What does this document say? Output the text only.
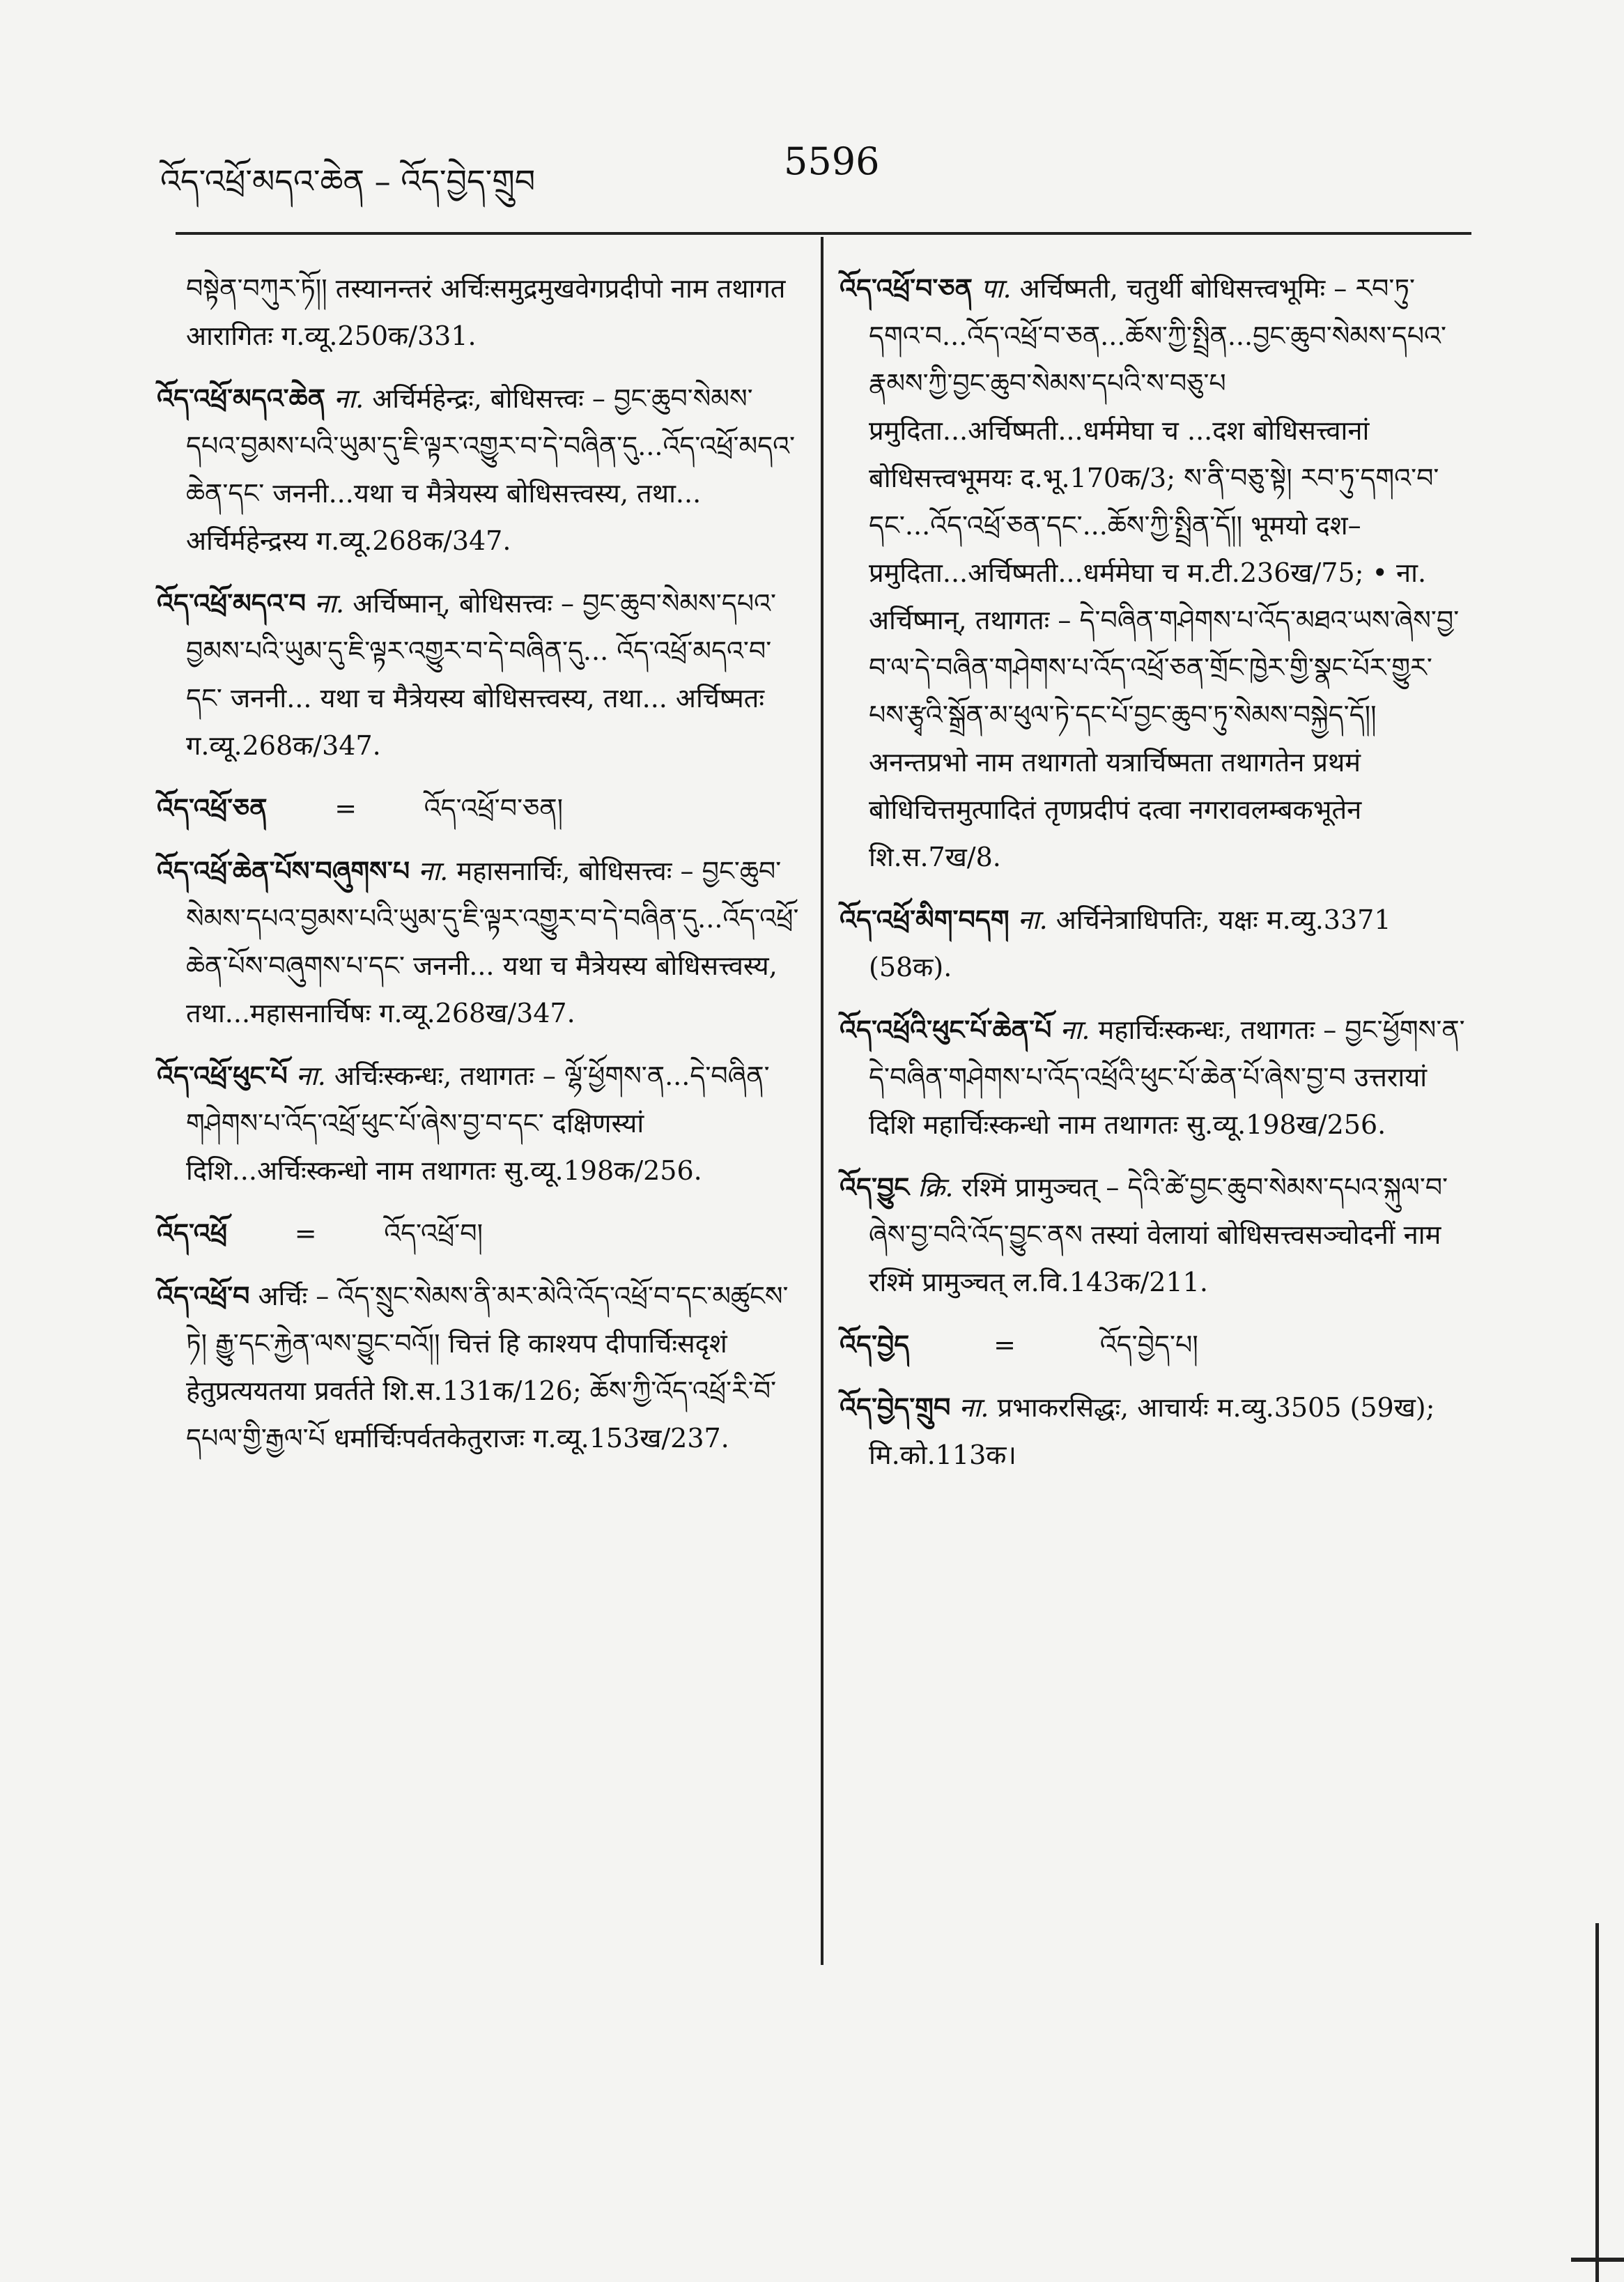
འོད་འཕྲོ་མདའ་ཆེན – འོད་བྱེད་གྲུབ	5596

བསྟེན་བཀུར་ཏོ།། तस्यानन्तरं अर्चिःसमुद्रमुखवेगप्रदीपो नाम तथागत आरागितः ग.व्यू.250क/331.

འོད་འཕྲོ་མདའ་ཆེན ना. अर्चिर्महेन्द्रः, बोधिसत्त्वः – བྱང་ཆུབ་སེམས་དཔའ་བྱམས་པའི་ཡུམ་དུ་ཇི་ལྟར་འགྱུར་བ་དེ་བཞིན་དུ...འོད་འཕྲོ་མདའ་ཆེན་དང་ जननी...यथा च मैत्रेयस्य बोधिसत्त्वस्य, तथा... अर्चिर्महेन्द्रस्य ग.व्यू.268क/347.

འོད་འཕྲོ་མདའ་བ ना. अर्चिष्मान्, बोधिसत्त्वः – བྱང་ཆུབ་སེམས་དཔའ་བྱམས་པའི་ཡུམ་དུ་ཇི་ལྟར་འགྱུར་བ་དེ་བཞིན་དུ... འོད་འཕྲོ་མདའ་བ་དང་ जननी... यथा च मैत्रेयस्य बोधिसत्त्वस्य, तथा... अर्चिष्मतः ग.व्यू.268क/347.

འོད་འཕྲོ་ཅན        =        འོད་འཕྲོ་བ་ཅན།

འོད་འཕྲོ་ཆེན་པོས་བཞུགས་པ ना. महासनार्चिः, बोधिसत्त्वः – བྱང་ཆུབ་སེམས་དཔའ་བྱམས་པའི་ཡུམ་དུ་ཇི་ལྟར་འགྱུར་བ་དེ་བཞིན་དུ...འོད་འཕྲོ་ཆེན་པོས་བཞུགས་པ་དང་ जननी... यथा च मैत्रेयस्य बोधिसत्त्वस्य, तथा...महासनार्चिषः ग.व्यू.268ख/347.

འོད་འཕྲོ་ཕུང་པོ ना. अर्चिःस्कन्धः, तथागतः – ལྷོ་ཕྱོགས་ན...དེ་བཞིན་གཤེགས་པ་འོད་འཕྲོ་ཕུང་པོ་ཞེས་བྱ་བ་དང་ दक्षिणस्यां दिशि...अर्चिःस्कन्धो नाम तथागतः सु.व्यू.198क/256.

འོད་འཕྲོ        =        འོད་འཕྲོ་བ།

འོད་འཕྲོ་བ अर्चिः – འོད་སྲུང་སེམས་ནི་མར་མེའི་འོད་འཕྲོ་བ་དང་མཚུངས་ཏེ། རྒྱུ་དང་རྐྱེན་ལས་བྱུང་བའོ།། चित्तं हि काश्यप दीपार्चिःसदृशं हेतुप्रत्ययतया प्रवर्तते शि.स.131क/126; ཆོས་ཀྱི་འོད་འཕྲོ་རི་བོ་དཔལ་གྱི་རྒྱལ་པོ धर्मार्चिःपर्वतकेतुराजः ग.व्यू.153ख/237.

འོད་འཕྲོ་བ་ཅན पा. अर्चिष्मती, चतुर्थी बोधिसत्त्वभूमिः – རབ་ཏུ་དགའ་བ...འོད་འཕྲོ་བ་ཅན...ཆོས་ཀྱི་སྤྲིན...བྱང་ཆུབ་སེམས་དཔའ་རྣམས་ཀྱི་བྱང་ཆུབ་སེམས་དཔའི་ས་བཅུ་པ प्रमुदिता...अर्चिष्मती...धर्ममेघा च ...दश बोधिसत्त्वानां बोधिसत्त्वभूमयः द.भू.170क/3; ས་ནི་བཅུ་སྟེ། རབ་ཏུ་དགའ་བ་དང་...འོད་འཕྲོ་ཅན་དང་...ཆོས་ཀྱི་སྤྲིན་དོ།། भूमयो दश–प्रमुदिता...अर्चिष्मती...धर्ममेघा च म.टी.236ख/75; • ना. अर्चिष्मान्, तथागतः – དེ་བཞིན་གཤེགས་པ་འོད་མཐའ་ཡས་ཞེས་བྱ་བ་ལ་དེ་བཞིན་གཤེགས་པ་འོད་འཕྲོ་ཅན་གྲོང་ཁྱེར་གྱི་སྣང་པོར་གྱུར་པས་རྩྭའི་སྒྲོན་མ་ཕུལ་ཏེ་དང་པོ་བྱང་ཆུབ་ཏུ་སེམས་བསྐྱེད་དོ།། अनन्तप्रभो नाम तथागतो यत्रार्चिष्मता तथागतेन प्रथमं बोधिचित्तमुत्पादितं तृणप्रदीपं दत्वा नगरावलम्बकभूतेन शि.स.7ख/8.

འོད་འཕྲོ་མིག་བདག ना. अर्चिनेत्राधिपतिः, यक्षः म.व्यु.3371 (58क).

འོད་འཕྲོའི་ཕུང་པོ་ཆེན་པོ ना. महार्चिःस्कन्धः, तथागतः – བྱང་ཕྱོགས་ན་དེ་བཞིན་གཤེགས་པ་འོད་འཕྲོའི་ཕུང་པོ་ཆེན་པོ་ཞེས་བྱ་བ उत्तरायां दिशि महार्चिःस्कन्धो नाम तथागतः सु.व्यू.198ख/256.

འོད་བྱུང क्रि. रश्मिं प्रामुञ्चत् – དེའི་ཚེ་བྱང་ཆུབ་སེམས་དཔའ་སྐུལ་བ་ཞེས་བྱ་བའི་འོད་བྱུང་ནས तस्यां वेलायां बोधिसत्त्वसञ्चोदनीं नाम रश्मिं प्रामुञ्चत् ल.वि.143क/211.

འོད་བྱེད          =          འོད་བྱེད་པ།

འོད་བྱེད་གྲུབ ना. प्रभाकरसिद्धः, आचार्यः म.व्यु.3505 (59ख); मि.को.113क।
